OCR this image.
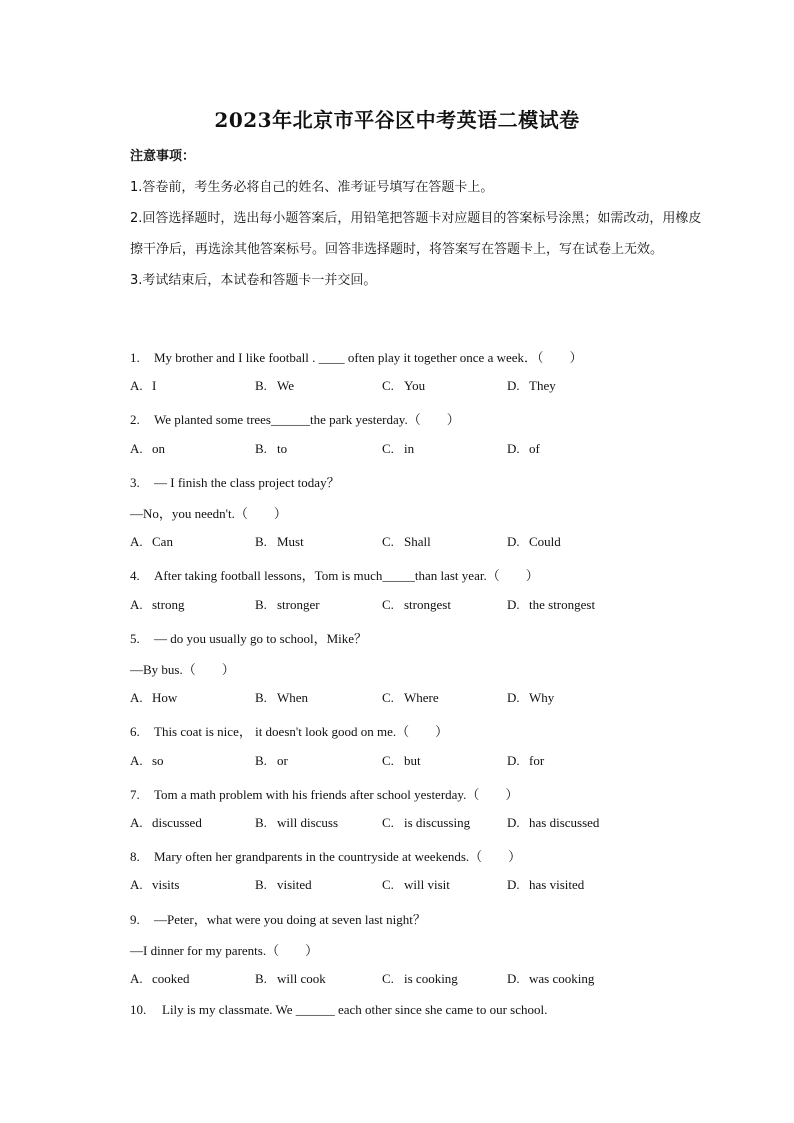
2023年北京市平谷区中考英语二模试卷
注意事项：
1.答卷前，考生务必将自己的姓名、准考证号填写在答题卡上。
2.回答选择题时，选出每小题答案后，用铅笔把答题卡对应题目的答案标号涂黑；如需改动，用橡皮擦干净后，再选涂其他答案标号。回答非选择题时，将答案写在答题卡上，写在试卷上无效。
3.考试结束后，本试卷和答题卡一并交回。
1. My brother and I like football . ____ often play it together once a week．（　　）
A. I	B. We	C. You	D. They
2. We planted some trees______the park yesterday.（　　）
A. on	B. to	C. in	D. of
3. — I finish the class project today？
—No，you needn't.（　　）
A. Can	B. Must	C. Shall	D. Could
4. After taking football lessons，Tom is much_____than last year.（　　）
A. strong	B. stronger	C. strongest	D. the strongest
5. — do you usually go to school，Mike？
—By bus.（　　）
A. How	B. When	C. Where	D. Why
6. This coat is nice， it doesn't look good on me.（　　）
A. so	B. or	C. but	D. for
7. Tom a math problem with his friends after school yesterday.（　　）
A. discussed	B. will discuss	C. is discussing	D. has discussed
8. Mary often her grandparents in the countryside at weekends.（　　）
A. visits	B. visited	C. will visit	D. has visited
9. —Peter，what were you doing at seven last night？
—I dinner for my parents.（　　）
A. cooked	B. will cook	C. is cooking	D. was cooking
10. Lily is my classmate. We ______ each other since she came to our school.
